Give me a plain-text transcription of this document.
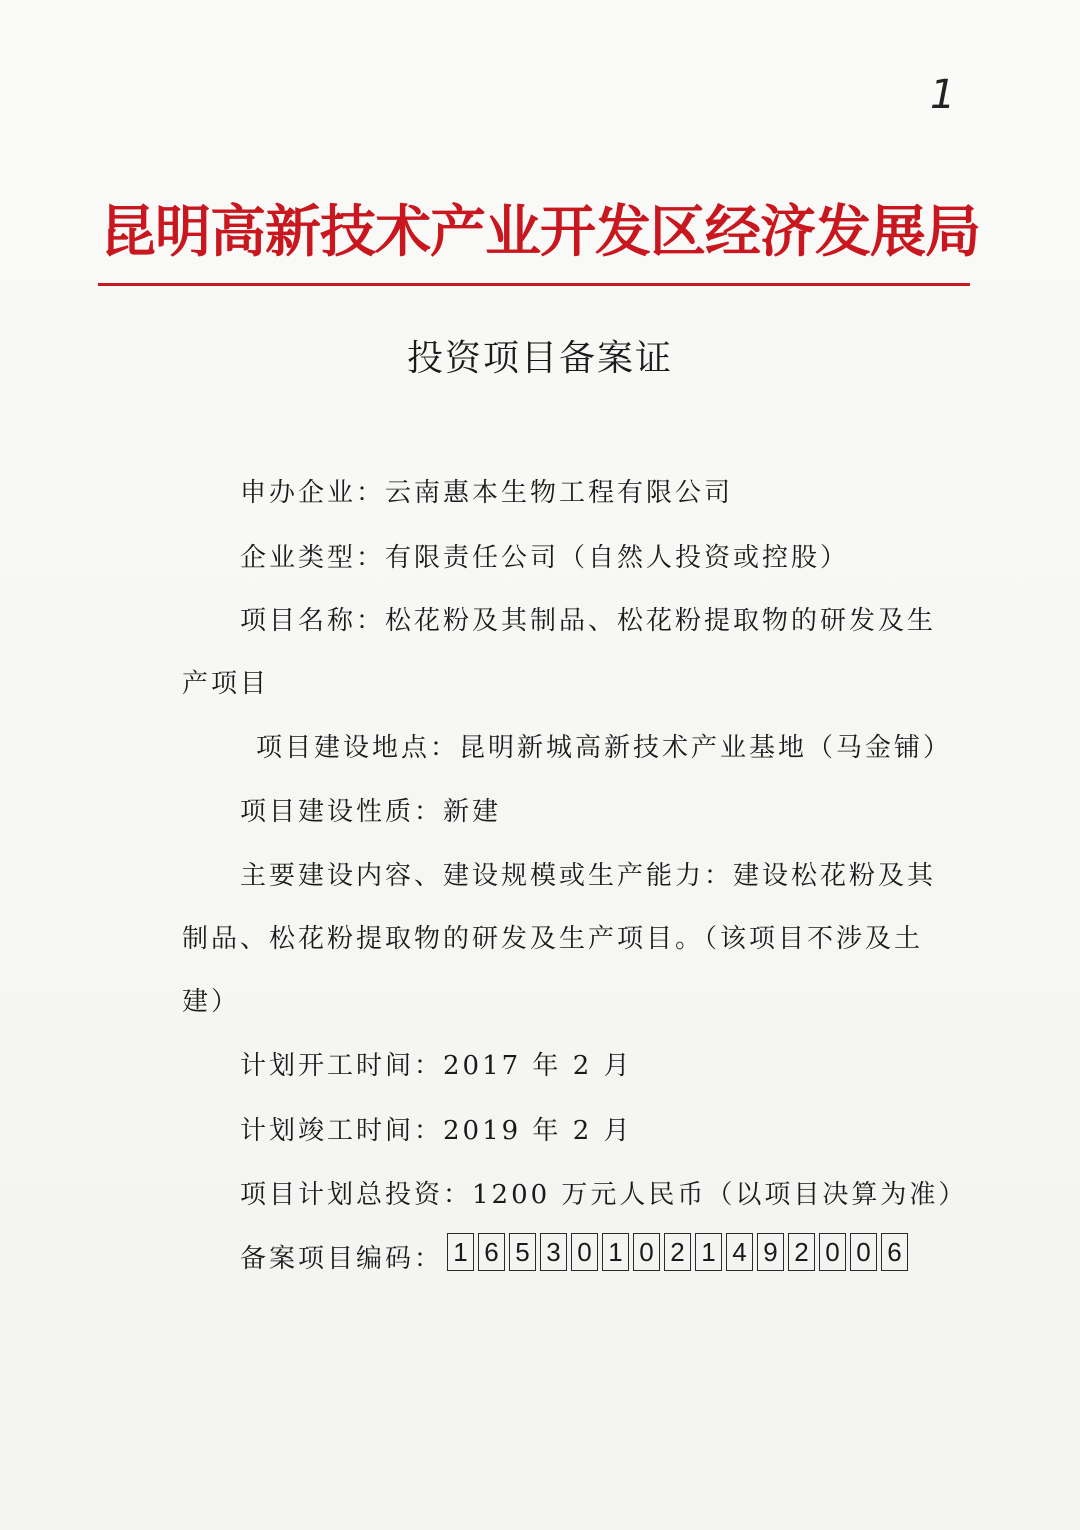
1
昆明高新技术产业开发区经济发展局
投资项目备案证
申办企业：云南惠本生物工程有限公司
企业类型：有限责任公司（自然人投资或控股）
项目名称：松花粉及其制品、松花粉提取物的研发及生
产项目
项目建设地点：昆明新城高新技术产业基地（马金铺）
项目建设性质：新建
主要建设内容、建设规模或生产能力：建设松花粉及其
制品、松花粉提取物的研发及生产项目。（该项目不涉及土
建）
计划开工时间：2017 年 2 月
计划竣工时间：2019 年 2 月
项目计划总投资：1200 万元人民币（以项目决算为准）
备案项目编码： 1 6 5 3 0 1 0 2 1 4 9 2 0 0 6
